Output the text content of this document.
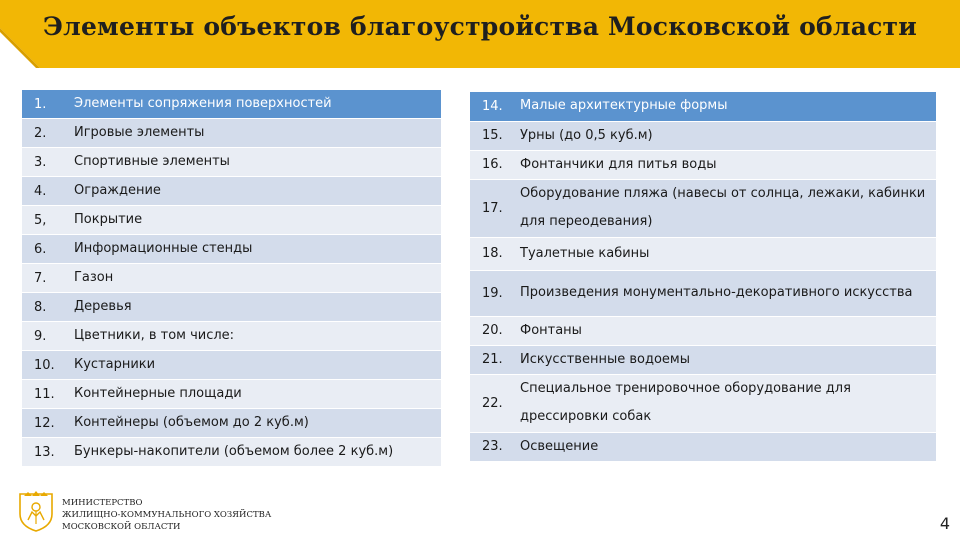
Элементы объектов благоустройства Московской области
1.	Элементы сопряжения поверхностей
2.	Игровые элементы
3.	Спортивные элементы
4.	Ограждение
5,	Покрытие
6.	Информационные стенды
7.	Газон
8.	Деревья
9.	Цветники, в том числе:
10.	Кустарники
11.	Контейнерные площади
12.	Контейнеры (объемом до 2 куб.м)
13.	Бункеры-накопители (объемом более 2 куб.м)
14.	Малые архитектурные формы
15.	Урны (до 0,5 куб.м)
16.	Фонтанчики для питья воды
17.	Оборудование пляжа (навесы от солнца, лежаки, кабинки для переодевания)
18.	Туалетные кабины
19.	Произведения монументально-декоративного искусства
20.	Фонтаны
21.	Искусственные водоемы
22.	Специальное тренировочное оборудование для дрессировки собак
23.	Освещение
МИНИСТЕРСТВО
ЖИЛИЩНО-КОММУНАЛЬНОГО ХОЗЯЙСТВА
МОСКОВСКОЙ ОБЛАСТИ	4
